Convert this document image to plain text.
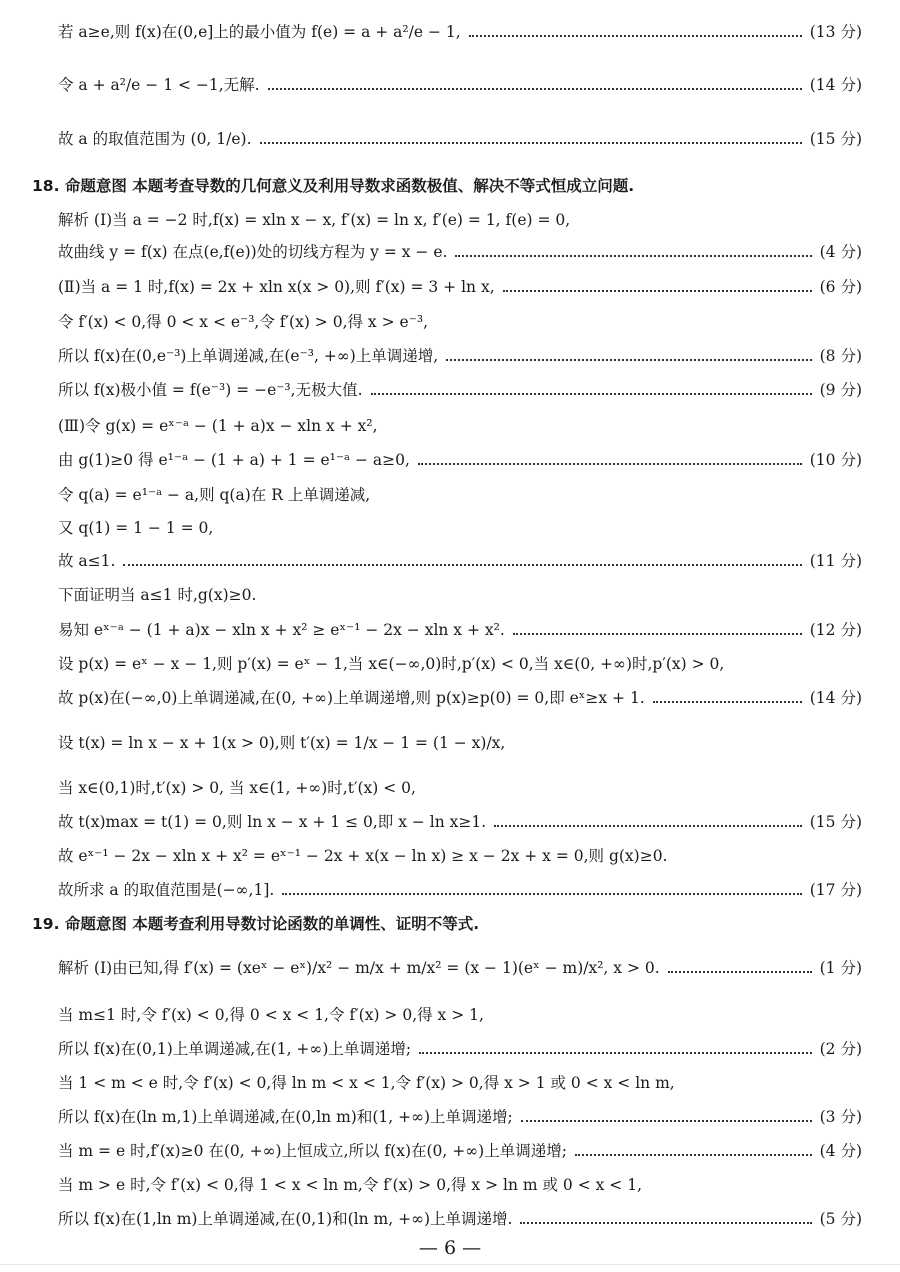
若 a≥e,则 f(x)在(0,e]上的最小值为 f(e) = a + a²/e − 1,	(13 分)
令 a + a²/e − 1 < −1,无解.	(14 分)
故 a 的取值范围为 (0, 1/e).	(15 分)
18. 命题意图 本题考查导数的几何意义及利用导数求函数极值、解决不等式恒成立问题.
解析 (Ⅰ)当 a = −2 时,f(x) = xln x − x, f′(x) = ln x, f′(e) = 1, f(e) = 0,
故曲线 y = f(x) 在点(e,f(e))处的切线方程为 y = x − e.	(4 分)
(Ⅱ)当 a = 1 时,f(x) = 2x + xln x(x > 0),则 f′(x) = 3 + ln x,	(6 分)
令 f′(x) < 0,得 0 < x < e⁻³,令 f′(x) > 0,得 x > e⁻³,
所以 f(x)在(0,e⁻³)上单调递减,在(e⁻³, +∞)上单调递增,	(8 分)
所以 f(x)极小值 = f(e⁻³) = −e⁻³,无极大值.	(9 分)
(Ⅲ)令 g(x) = eˣ⁻ᵃ − (1 + a)x − xln x + x²,
由 g(1)≥0 得 e¹⁻ᵃ − (1 + a) + 1 = e¹⁻ᵃ − a≥0,	(10 分)
令 q(a) = e¹⁻ᵃ − a,则 q(a)在 R 上单调递减,
又 q(1) = 1 − 1 = 0,
故 a≤1.	(11 分)
下面证明当 a≤1 时,g(x)≥0.
易知 eˣ⁻ᵃ − (1 + a)x − xln x + x² ≥ eˣ⁻¹ − 2x − xln x + x².	(12 分)
设 p(x) = eˣ − x − 1,则 p′(x) = eˣ − 1,当 x∈(−∞,0)时,p′(x) < 0,当 x∈(0, +∞)时,p′(x) > 0,
故 p(x)在(−∞,0)上单调递减,在(0, +∞)上单调递增,则 p(x)≥p(0) = 0,即 eˣ≥x + 1.	(14 分)
设 t(x) = ln x − x + 1(x > 0),则 t′(x) = 1/x − 1 = (1 − x)/x,
当 x∈(0,1)时,t′(x) > 0, 当 x∈(1, +∞)时,t′(x) < 0,
故 t(x)max = t(1) = 0,则 ln x − x + 1 ≤ 0,即 x − ln x≥1.	(15 分)
故 eˣ⁻¹ − 2x − xln x + x² = eˣ⁻¹ − 2x + x(x − ln x) ≥ x − 2x + x = 0,则 g(x)≥0.
故所求 a 的取值范围是(−∞,1].	(17 分)
19. 命题意图 本题考查利用导数讨论函数的单调性、证明不等式.
解析 (Ⅰ)由已知,得 f′(x) = (xeˣ − eˣ)/x² − m/x + m/x² = (x − 1)(eˣ − m)/x², x > 0.	(1 分)
当 m≤1 时,令 f′(x) < 0,得 0 < x < 1,令 f′(x) > 0,得 x > 1,
所以 f(x)在(0,1)上单调递减,在(1, +∞)上单调递增;	(2 分)
当 1 < m < e 时,令 f′(x) < 0,得 ln m < x < 1,令 f′(x) > 0,得 x > 1 或 0 < x < ln m,
所以 f(x)在(ln m,1)上单调递减,在(0,ln m)和(1, +∞)上单调递增;	(3 分)
当 m = e 时,f′(x)≥0 在(0, +∞)上恒成立,所以 f(x)在(0, +∞)上单调递增;	(4 分)
当 m > e 时,令 f′(x) < 0,得 1 < x < ln m,令 f′(x) > 0,得 x > ln m 或 0 < x < 1,
所以 f(x)在(1,ln m)上单调递减,在(0,1)和(ln m, +∞)上单调递增.	(5 分)
— 6 —
